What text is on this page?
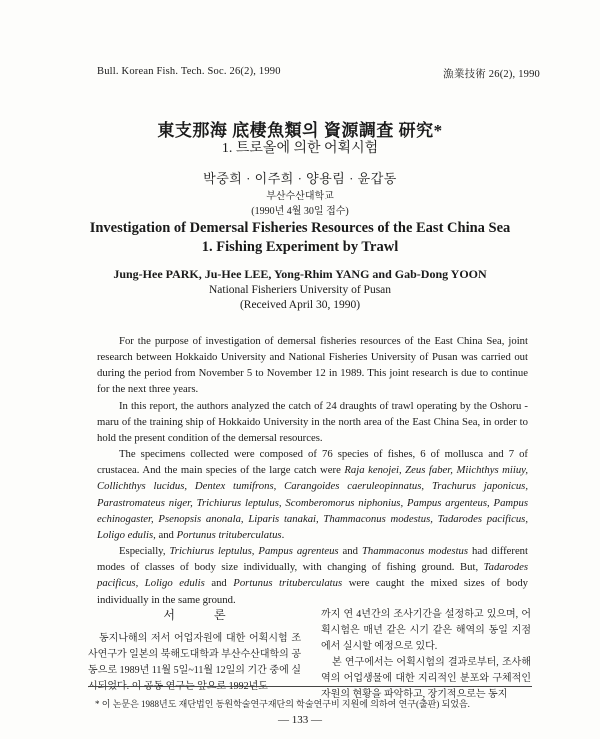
Bull. Korean Fish. Tech. Soc. 26(2), 1990	漁業技術 26(2), 1990
東支那海 底棲魚類의 資源調査 研究*
1. 트로올에 의한 어획시험
박중희 · 이주희 · 양용림 · 윤갑동
부산수산대학교
(1990년 4월 30일 접수)
Investigation of Demersal Fisheries Resources of the East China Sea
1. Fishing Experiment by Trawl
Jung-Hee PARK, Ju-Hee LEE, Yong-Rhim YANG and Gab-Dong YOON
National Fisheriers University of Pusan
(Received April 30, 1990)

For the purpose of investigation of demersal fisheries resources of the East China Sea, joint research between Hokkaido University and National Fisheries University of Pusan was carried out during the period from November 5 to November 12 in 1989. This joint research is due to continue for the next three years.

In this report, the authors analyzed the catch of 24 draughts of trawl operating by the Oshoru -maru of the training ship of Hokkaido University in the north area of the East China Sea, in order to hold the present condition of the demersal resources.

The specimens collected were composed of 76 species of fishes, 6 of mollusca and 7 of crustacea. And the main species of the large catch were Raja kenojei, Zeus faber, Miichthys miiuy, Collichthys lucidus, Dentex tumifrons, Carangoides caeruleopinnatus, Trachurus japonicus, Parastromateus niger, Trichiurus leptulus, Scomberomorus niphonius, Pampus argenteus, Pampus echinogaster, Psenopsis anonala, Liparis tanakai, Thammaconus modestus, Tadarodes pacificus, Loligo edulis, and Portunus trituberculatus.

Especially, Trichiurus leptulus, Pampus agrenteus and Thammaconus modestus had different modes of classes of body size individually, with changing of fishing ground. But, Tadarodes pacificus, Loligo edulis and Portunus trituberculatus were caught the mixed sizes of body individually in the same ground.

서 론

동지나해의 저서 어업자원에 대한 어획시험 조사연구가 일본의 북해도대학과 부산수산대학의 공동으로 1989년 11월 5일~11월 12일의 기간 중에 실시되었다. 이 공동 연구는 앞으로 1992년도

까지 연 4년간의 조사기간을 설정하고 있으며, 어획시험은 매년 같은 시기 같은 해역의 동일 지점에서 실시할 예정으로 있다.

본 연구에서는 어획시험의 결과로부터, 조사해역의 어업생물에 대한 지리적인 분포와 구체적인 자원의 현황을 파악하고, 장기적으로는 동지

* 이 논문은 1988년도 재단법인 동원학술연구재단의 학술연구비 지원에 의하여 연구(출판) 되었음.
— 133 —
